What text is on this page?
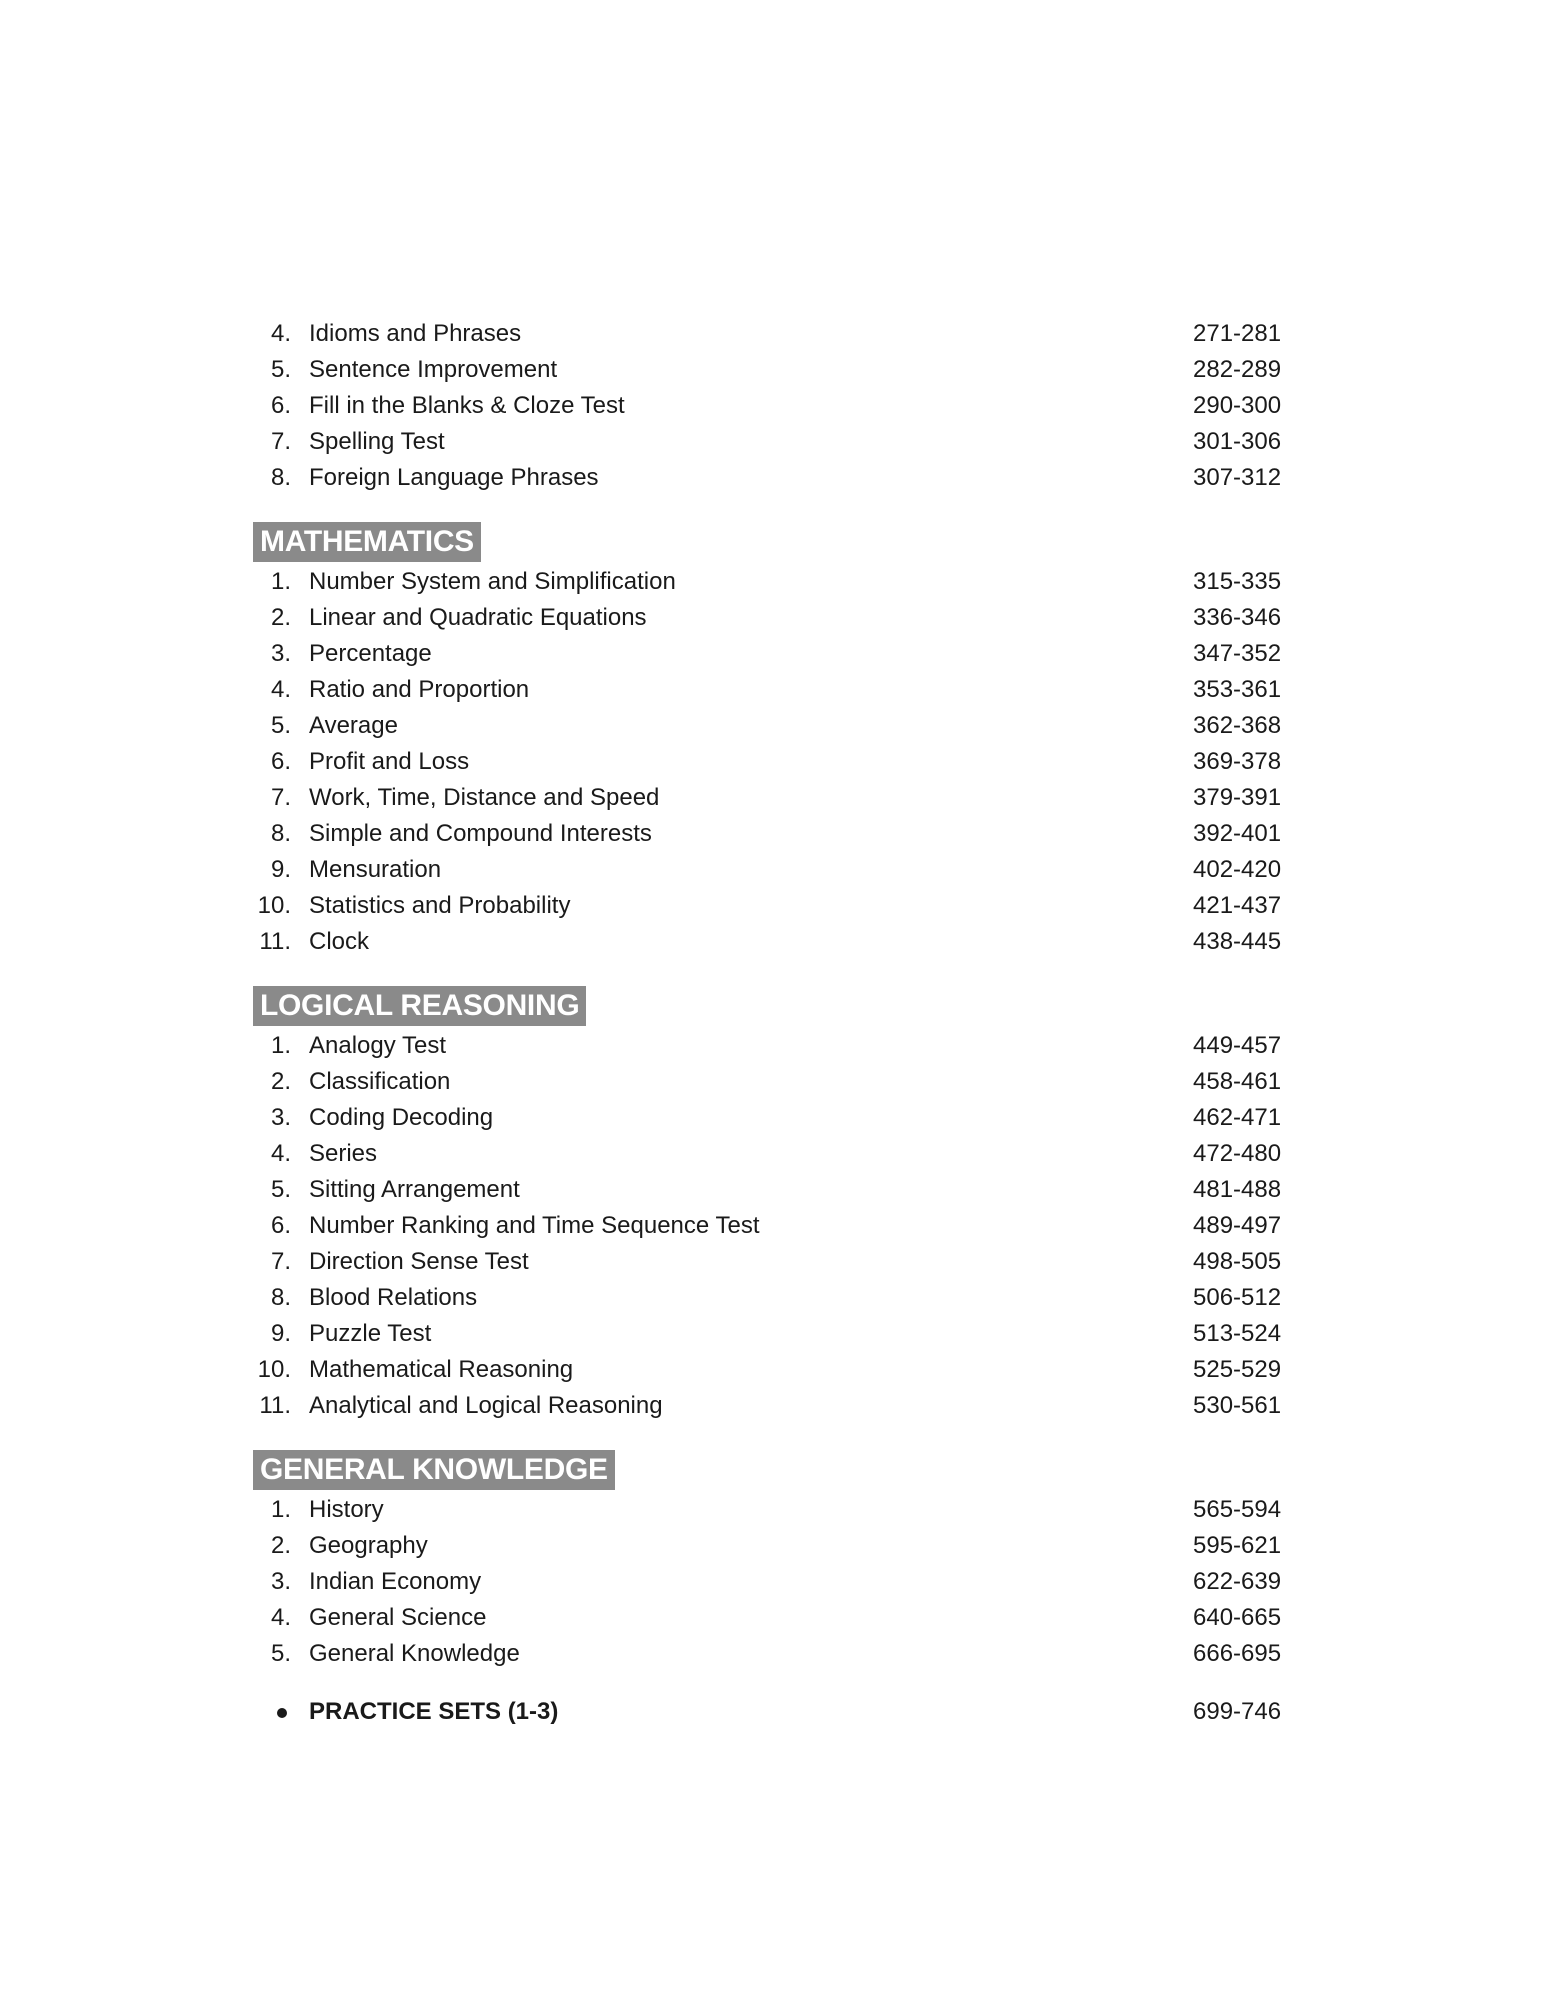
4. Idioms and Phrases	271-281
5. Sentence Improvement	282-289
6. Fill in the Blanks & Cloze Test	290-300
7. Spelling Test	301-306
8. Foreign Language Phrases	307-312
MATHEMATICS
1. Number System and Simplification	315-335
2. Linear and Quadratic Equations	336-346
3. Percentage	347-352
4. Ratio and Proportion	353-361
5. Average	362-368
6. Profit and Loss	369-378
7. Work, Time, Distance and Speed	379-391
8. Simple and Compound Interests	392-401
9. Mensuration	402-420
10. Statistics and Probability	421-437
11. Clock	438-445
LOGICAL REASONING
1. Analogy Test	449-457
2. Classification	458-461
3. Coding Decoding	462-471
4. Series	472-480
5. Sitting Arrangement	481-488
6. Number Ranking and Time Sequence Test	489-497
7. Direction Sense Test	498-505
8. Blood Relations	506-512
9. Puzzle Test	513-524
10. Mathematical Reasoning	525-529
11. Analytical and Logical Reasoning	530-561
GENERAL KNOWLEDGE
1. History	565-594
2. Geography	595-621
3. Indian Economy	622-639
4. General Science	640-665
5. General Knowledge	666-695
PRACTICE SETS (1-3)	699-746
